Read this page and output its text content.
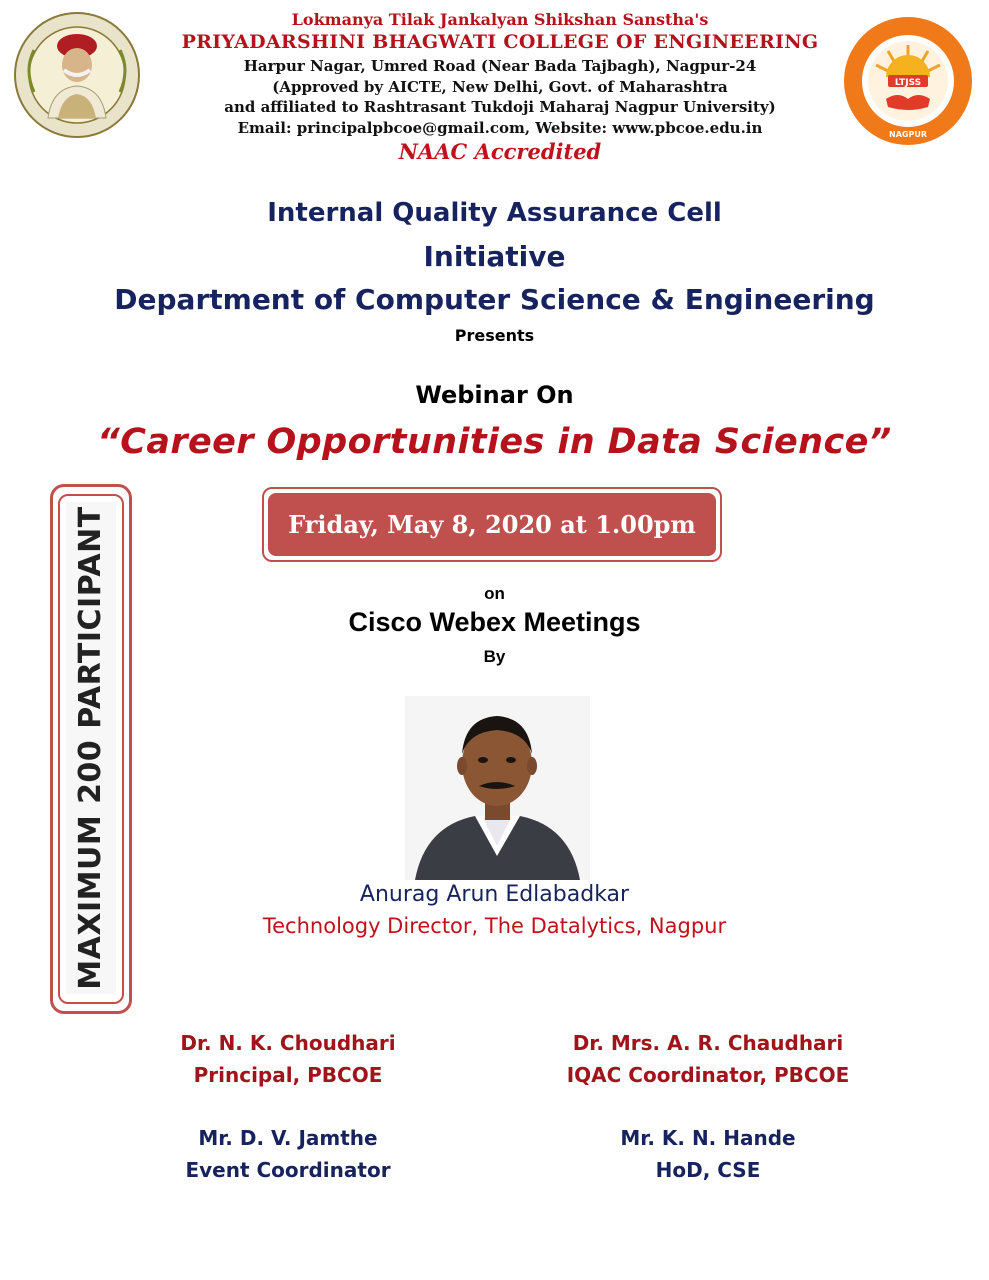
Lokmanya Tilak Jankalyan Shikshan Sanstha's
PRIYADARSHINI BHAGWATI COLLEGE OF ENGINEERING
Harpur Nagar, Umred Road (Near Bada Tajbagh), Nagpur-24
(Approved by AICTE, New Delhi, Govt. of Maharashtra
and affiliated to Rashtrasant Tukdoji Maharaj Nagpur University)
Email: principalpbcoe@gmail.com, Website: www.pbcoe.edu.in
NAAC Accredited
LTJSS
NAGPUR
Internal Quality Assurance Cell
Initiative
Department of Computer Science & Engineering
Presents
Webinar On
“Career Opportunities in Data Science”
Friday, May 8, 2020 at 1.00pm
on
Cisco Webex Meetings
By
MAXIMUM 200 PARTICIPANT	Anurag Arun Edlabadkar
Technology Director, The Datalytics, Nagpur
Dr. N. K. Choudhari
Principal, PBCOE
Dr. Mrs. A. R. Chaudhari
IQAC Coordinator, PBCOE
Mr. D. V. Jamthe
Event Coordinator
Mr. K. N. Hande
HoD, CSE
